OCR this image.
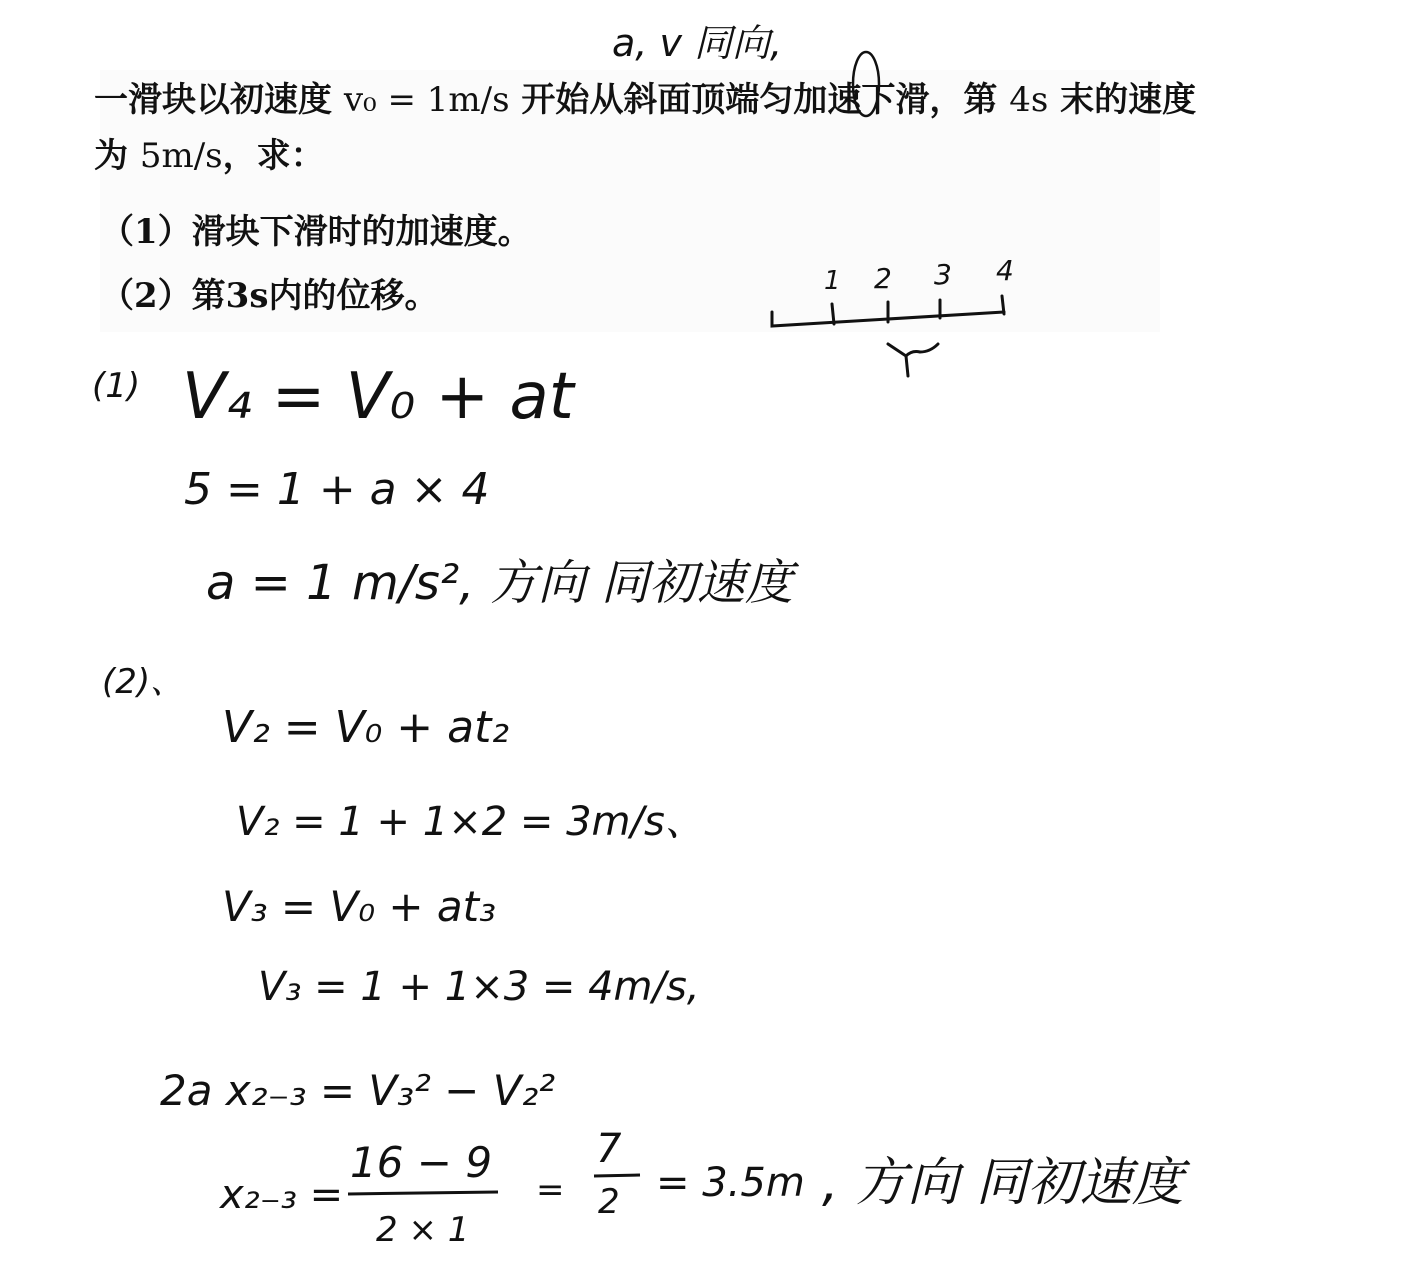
一滑块以初速度 v₀ = 1m/s 开始从斜面顶端匀加速下滑，第 4s 末的速度
为 5m/s，求：
（1）滑块下滑时的加速度。
（2）第3s内的位移。
a, v 同向,
1 2 3 4
(1) V₄ = V₀ + at
5 = 1 + a × 4
a = 1 m/s², 方向 同初速度
(2)、
V₂ = V₀ + at₂
V₂ = 1 + 1×2 = 3m/s、
V₃ = V₀ + at₃
V₃ = 1 + 1×3 = 4m/s,
2a x₂₋₃ = V₃² − V₂²
x₂₋₃ =
16 − 9
2 × 1
=
7
2 = 3.5m , 方向 同初速度
